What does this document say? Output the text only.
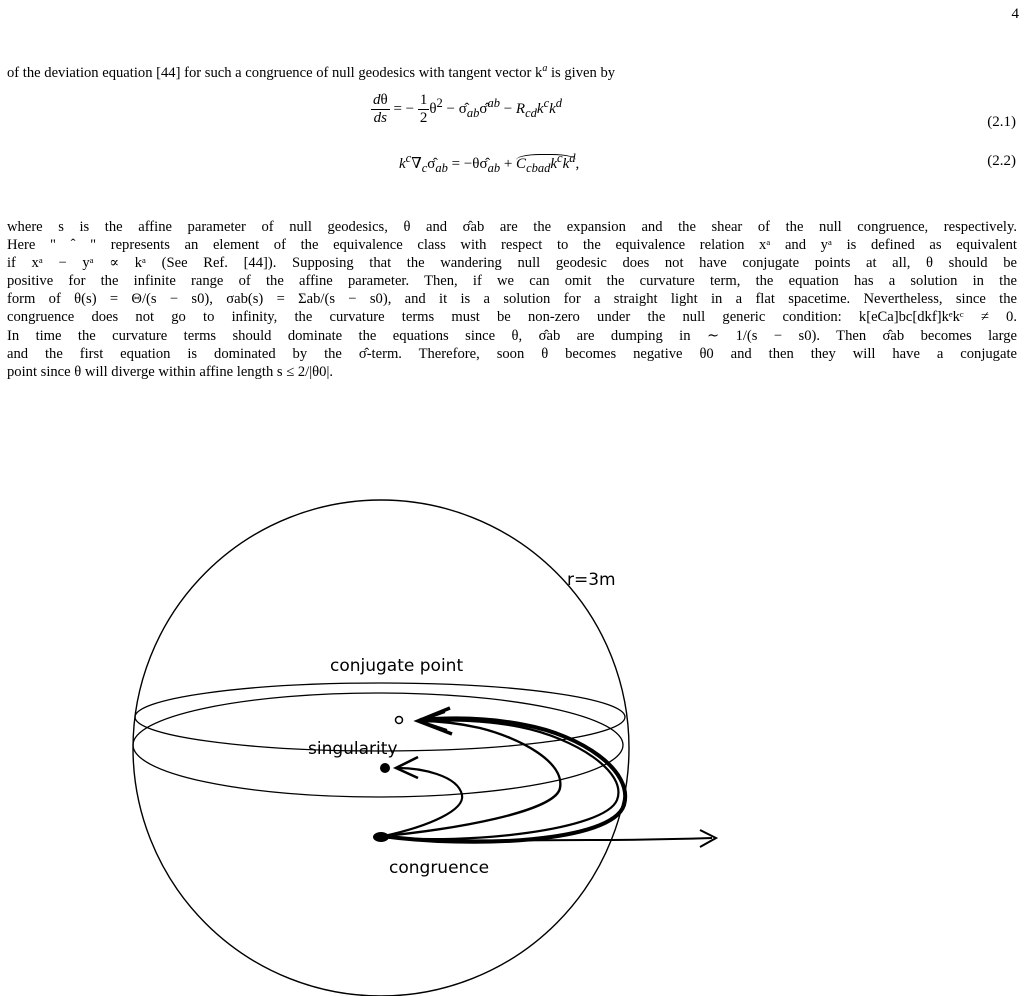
4

of the deviation equation [44] for such a congruence of null geodesics with tangent vector $k^a$ is given by

$\frac{d\theta}{ds}$ = − $\frac{1}{2} \theta^2$ − $\sigmâ_{ab}\sigmâ^{ab} - R_{cd}k^ck^d$
(2.1)
$k^c\nabla_c\sigmâ_{ab}$ = $-\theta\sigmâ_{ab} + C_{cbad}k^ck^d$,	(2.2)

where s is the affine parameter of null geodesics, θ and σ̂ab are the expansion and the shear of the null congruence, respectively.
Here " ˆ " represents an element of the equivalence class with respect to the equivalence relation xᵃ and yᵃ is defined as equivalent
if xᵃ − yᵃ ∝ kᵃ (See Ref. [44]). Supposing that the wandering null geodesic does not have conjugate points at all, θ should be
positive for the infinite range of the affine parameter. Then, if we can omit the curvature term, the equation has a solution in the
form of θ(s) = Θ/(s − s0), σab(s) = Σab/(s − s0), and it is a solution for a straight light in a flat spacetime. Nevertheless, since the
congruence does not go to infinity, the curvature terms must be non-zero under the null generic condition: k[eCa]bc[dkf]kᵉkᶜ ≠ 0.
In time the curvature terms should dominate the equations since θ, σ̂ab are dumping in ∼ 1/(s − s0). Then σ̂ab becomes large
and the first equation is dominated by the σ̂-term. Therefore, soon θ becomes negative θ0 and then they will have a conjugate
point since θ will diverge within affine length s ≤ 2/|θ0|.

r=3m
conjugate point
singularity
congruence
